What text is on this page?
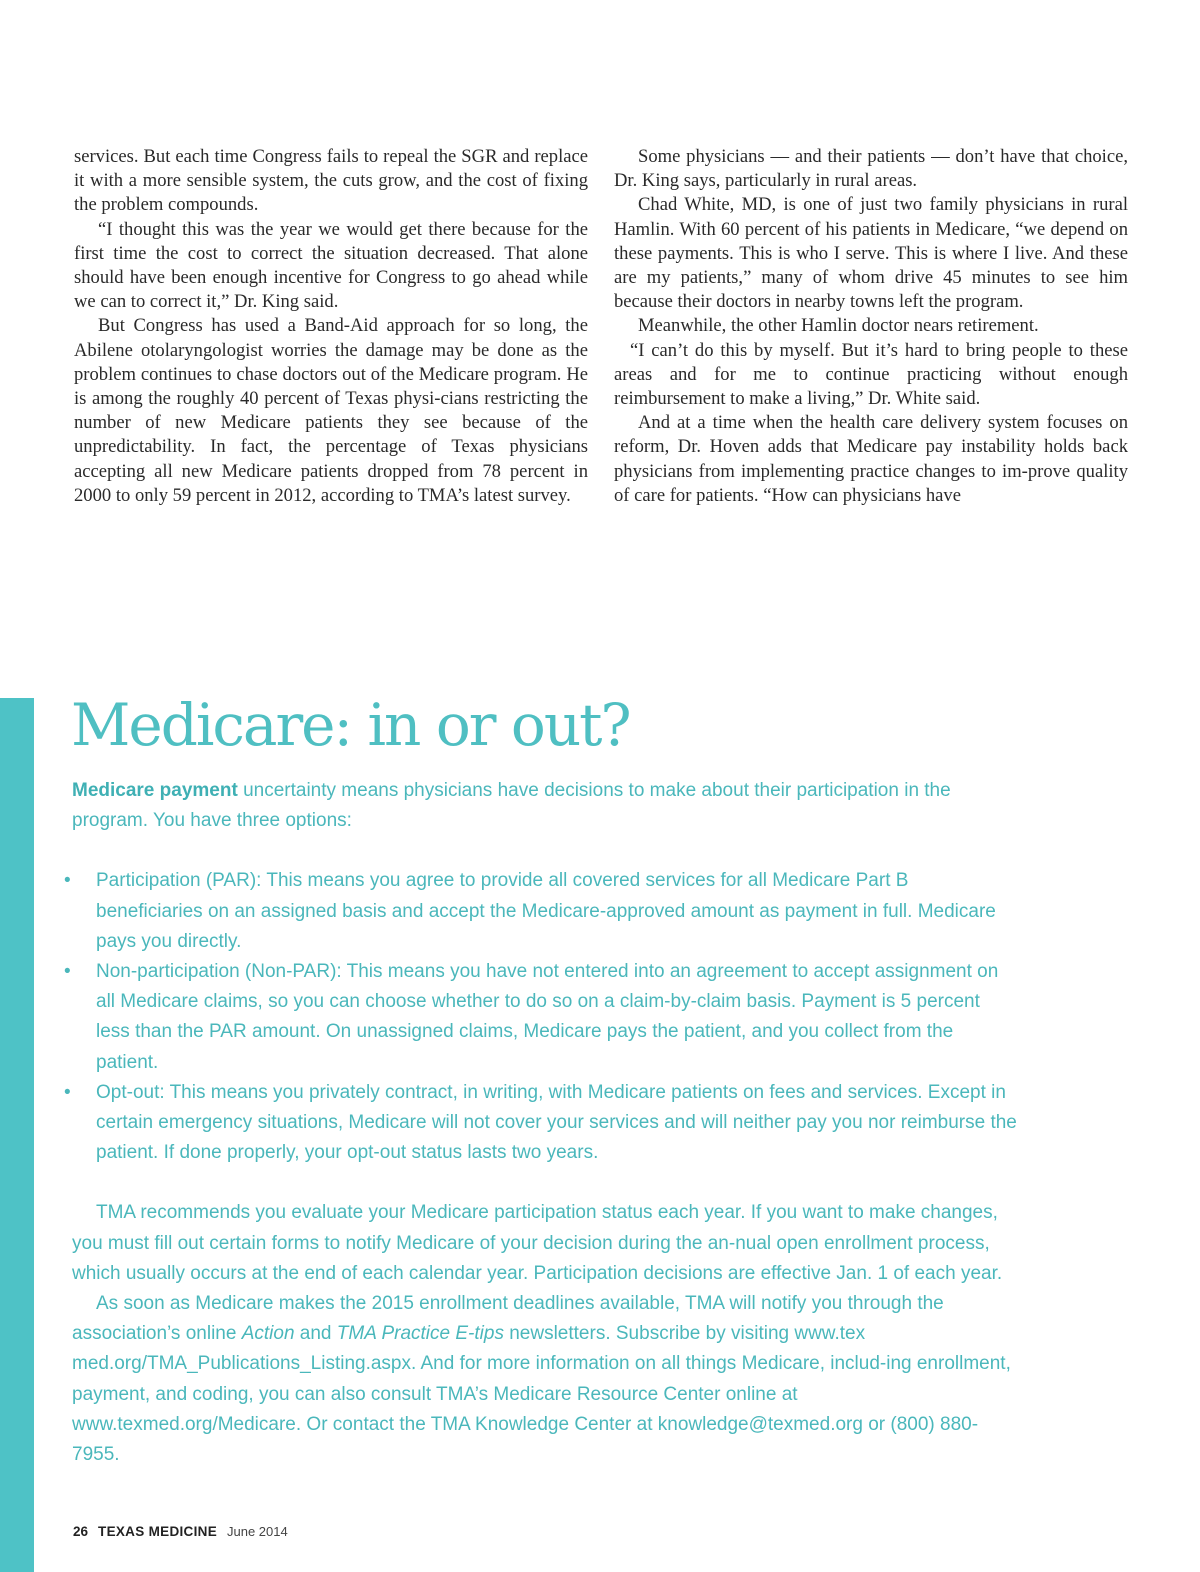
services. But each time Congress fails to repeal the SGR and replace it with a more sensible system, the cuts grow, and the cost of fixing the problem compounds.

“I thought this was the year we would get there because for the first time the cost to correct the situation decreased. That alone should have been enough incentive for Congress to go ahead while we can to correct it,” Dr. King said.

But Congress has used a Band-Aid approach for so long, the Abilene otolaryngologist worries the damage may be done as the problem continues to chase doctors out of the Medicare program. He is among the roughly 40 percent of Texas physi-cians restricting the number of new Medicare patients they see because of the unpredictability. In fact, the percentage of Texas physicians accepting all new Medicare patients dropped from 78 percent in 2000 to only 59 percent in 2012, according to TMA’s latest survey.

Some physicians — and their patients — don’t have that choice, Dr. King says, particularly in rural areas.

Chad White, MD, is one of just two family physicians in rural Hamlin. With 60 percent of his patients in Medicare, “we depend on these payments. This is who I serve. This is where I live. And these are my patients,” many of whom drive 45 minutes to see him because their doctors in nearby towns left the program.

Meanwhile, the other Hamlin doctor nears retirement.

“I can’t do this by myself. But it’s hard to bring people to these areas and for me to continue practicing without enough reimbursement to make a living,” Dr. White said.

And at a time when the health care delivery system focuses on reform, Dr. Hoven adds that Medicare pay instability holds back physicians from implementing practice changes to im-prove quality of care for patients. “How can physicians have

Medicare: in or out?

Medicare payment uncertainty means physicians have decisions to make about their participation in the program. You have three options:

• Participation (PAR): This means you agree to provide all covered services for all Medicare Part B beneficiaries on an assigned basis and accept the Medicare-approved amount as payment in full. Medicare pays you directly.
• Non-participation (Non-PAR): This means you have not entered into an agreement to accept assignment on all Medicare claims, so you can choose whether to do so on a claim-by-claim basis. Payment is 5 percent less than the PAR amount. On unassigned claims, Medicare pays the patient, and you collect from the patient.
• Opt-out: This means you privately contract, in writing, with Medicare patients on fees and services. Except in certain emergency situations, Medicare will not cover your services and will neither pay you nor reimburse the patient. If done properly, your opt-out status lasts two years.

TMA recommends you evaluate your Medicare participation status each year. If you want to make changes, you must fill out certain forms to notify Medicare of your decision during the an-nual open enrollment process, which usually occurs at the end of each calendar year. Participation decisions are effective Jan. 1 of each year.

As soon as Medicare makes the 2015 enrollment deadlines available, TMA will notify you through the association’s online Action and TMA Practice E-tips newsletters. Subscribe by visiting www.tex med.org/TMA_Publications_Listing.aspx. And for more information on all things Medicare, includ-ing enrollment, payment, and coding, you can also consult TMA’s Medicare Resource Center online at www.texmed.org/Medicare. Or contact the TMA Knowledge Center at knowledge@texmed.org or (800) 880-7955.

26 TEXAS MEDICINE June 2014
